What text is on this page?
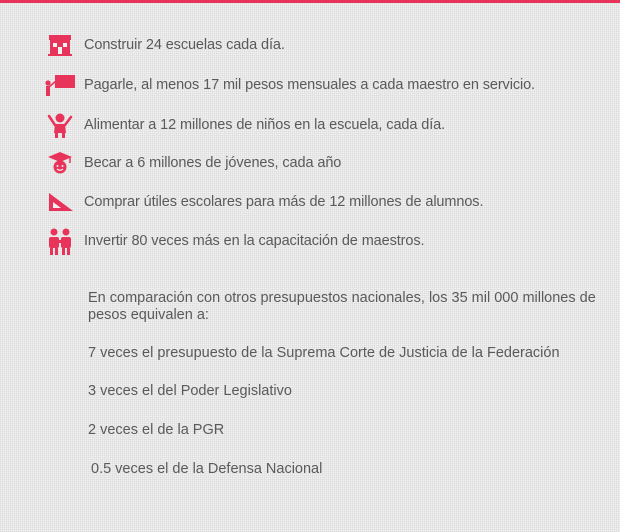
Construir 24 escuelas cada día.
Pagarle, al menos 17 mil pesos mensuales a cada maestro en servicio.
Alimentar a 12 millones de niños en la escuela, cada día.
Becar a 6 millones de jóvenes, cada año
Comprar útiles escolares para más de 12 millones de alumnos.
Invertir 80 veces más en la capacitación de maestros.

En comparación con otros presupuestos nacionales, los 35 mil 000 millones de pesos equivalen a:

7 veces el presupuesto de la Suprema Corte de Justicia de la Federación

3 veces el del Poder Legislativo

2 veces el de la PGR

0.5 veces el de la Defensa Nacional
